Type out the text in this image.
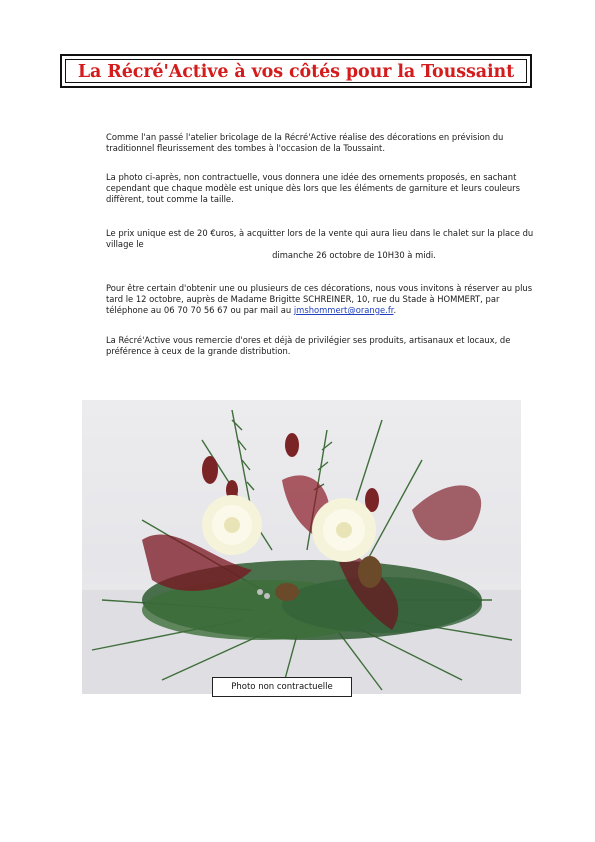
La Récré'Active à vos côtés pour la Toussaint

Comme l'an passé l'atelier bricolage de la Récré'Active réalise des décorations en prévision du traditionnel fleurissement des tombes à l'occasion de la Toussaint.

La photo ci-après, non contractuelle, vous donnera une idée des ornements proposés, en sachant cependant que chaque modèle est unique dès lors que les éléments de garniture et leurs couleurs diffèrent, tout comme la taille.

Le prix unique est de 20 €uros, à acquitter lors de la vente qui aura lieu dans le chalet sur la place du village le

dimanche 26 octobre de 10H30 à midi.

Pour être certain d'obtenir une ou plusieurs de ces décorations, nous vous invitons à réserver au plus tard le 12 octobre, auprès de Madame Brigitte SCHREINER, 10, rue du Stade à HOMMERT, par téléphone au 06 70 70 56 67 ou par mail au jmshommert@orange.fr.

La Récré'Active vous remercie d'ores et déjà de privilégier ses produits, artisanaux et locaux, de préférence à ceux de la grande distribution.

Photo non contractuelle
